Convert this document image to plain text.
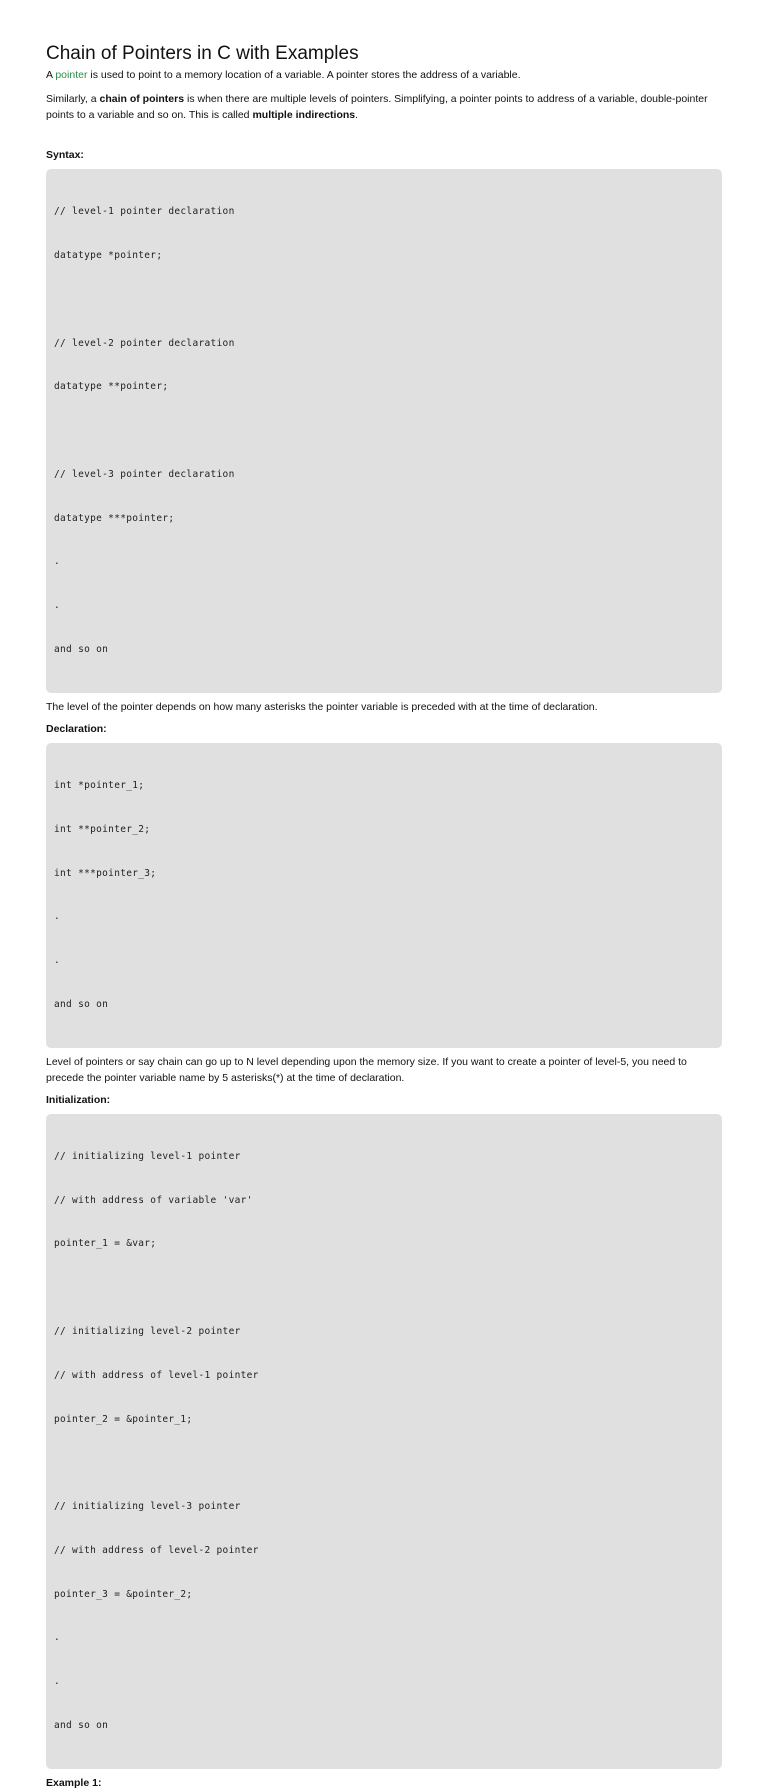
Chain of Pointers in C with Examples

A pointer is used to point to a memory location of a variable. A pointer stores the address of a variable.

Similarly, a chain of pointers is when there are multiple levels of pointers. Simplifying, a pointer points to address of a variable, double-pointer points to a variable and so on. This is called multiple indirections.

Syntax:

// level-1 pointer declaration

datatype *pointer;

// level-2 pointer declaration

datatype **pointer;

// level-3 pointer declaration

datatype ***pointer;

.

.

and so on

The level of the pointer depends on how many asterisks the pointer variable is preceded with at the time of declaration.

Declaration:

int *pointer_1;

int **pointer_2;

int ***pointer_3;

.

.

and so on

Level of pointers or say chain can go up to N level depending upon the memory size. If you want to create a pointer of level-5, you need to precede the pointer variable name by 5 asterisks(*) at the time of declaration.

Initialization:

// initializing level-1 pointer

// with address of variable 'var'

pointer_1 = &var;

// initializing level-2 pointer

// with address of level-1 pointer

pointer_2 = &pointer_1;

// initializing level-3 pointer

// with address of level-2 pointer

pointer_3 = &pointer_2;

.

.

and so on

Example 1:
